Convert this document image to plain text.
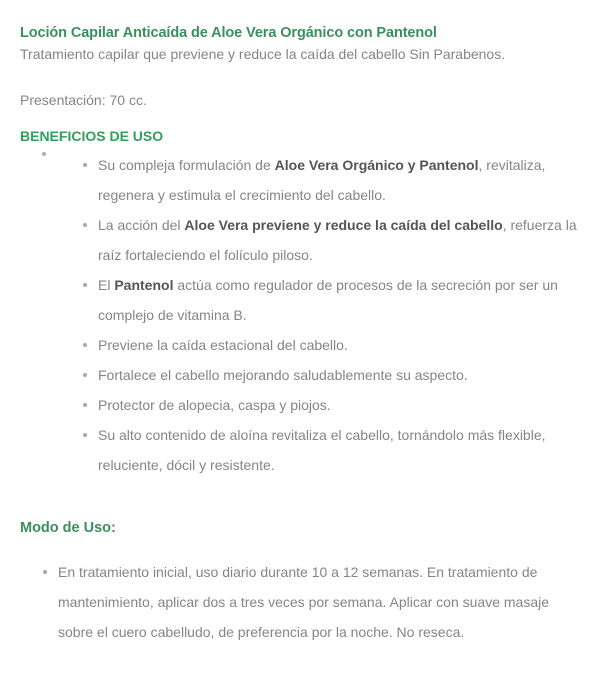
Loción Capilar Anticaída de Aloe Vera Orgánico con Pantenol
Tratamiento capilar que previene y reduce la caída del cabello Sin Parabenos.
Presentación: 70 cc.
BENEFICIOS DE USO
Su compleja formulación de Aloe Vera Orgánico y Pantenol, revitaliza, regenera y estimula el crecimiento del cabello.
La acción del Aloe Vera previene y reduce la caída del cabello, refuerza la raíz fortaleciendo el folículo piloso.
El Pantenol actúa como regulador de procesos de la secreción por ser un complejo de vitamina B.
Previene la caída estacional del cabello.
Fortalece el cabello mejorando saludablemente su aspecto.
Protector de alopecia, caspa y piojos.
Su alto contenido de aloína revitaliza el cabello, tornándolo más flexible, reluciente, dócil y resistente.
Modo de Uso:
En tratamiento inicial, uso diario durante 10 a 12 semanas. En tratamiento de mantenimiento, aplicar dos a tres veces por semana. Aplicar con suave masaje sobre el cuero cabelludo, de preferencia por la noche. No reseca.
